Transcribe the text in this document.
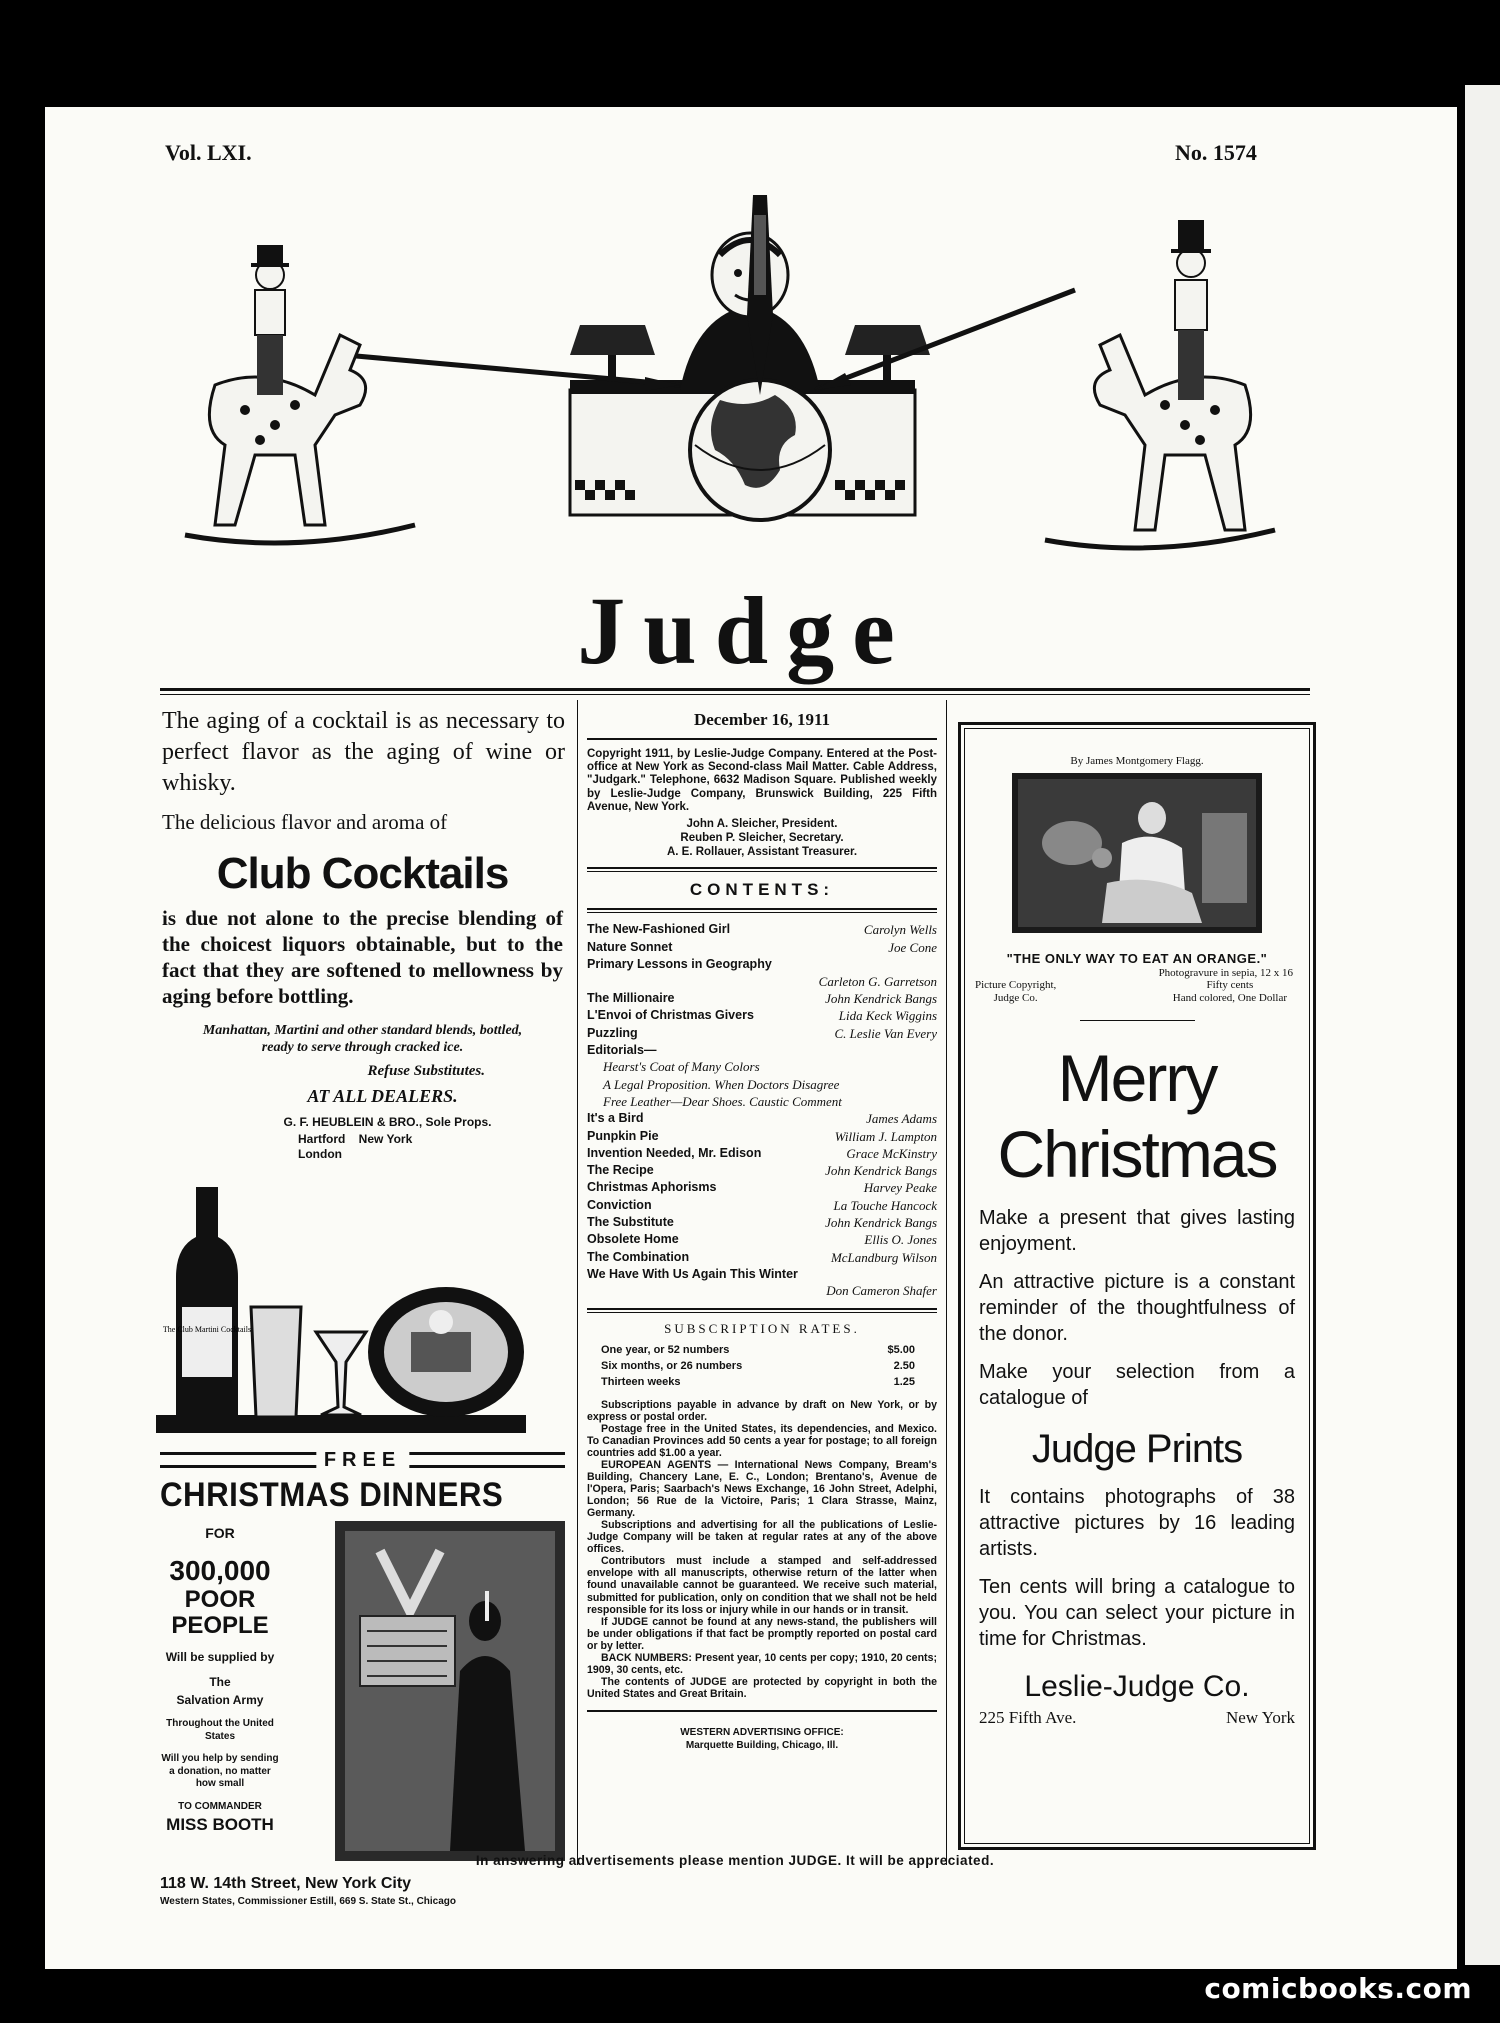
Vol. LXI.	No. 1574
Judge
The aging of a cocktail is as necessary to perfect flavor as the aging of wine or whisky.
The delicious flavor and aroma of
Club Cocktails
is due not alone to the precise blending of the choicest liquors obtainable, but to the fact that they are softened to mellowness by aging before bottling.
Manhattan, Martini and other standard blends, bottled, ready to serve through cracked ice.
Refuse Substitutes.
AT ALL DEALERS.
G. F. HEUBLEIN & BRO., Sole Props.
Hartford    New York
London
The Club Martini Cocktails
FREE
CHRISTMAS DINNERS
FOR
300,000
POOR
PEOPLE
Will be supplied by
The
Salvation Army
Throughout the United States
Will you help by sending a donation, no matter how small
TO COMMANDER
MISS BOOTH
118 W. 14th Street, New York City
Western States, Commissioner Estill, 669 S. State St., Chicago
December 16, 1911
Copyright 1911, by Leslie-Judge Company. Entered at the Post-office at New York as Second-class Mail Matter. Cable Address, "Judgark." Telephone, 6632 Madison Square. Published weekly by Leslie-Judge Company, Brunswick Building, 225 Fifth Avenue, New York.
John A. Sleicher, President.
Reuben P. Sleicher, Secretary.
A. E. Rollauer, Assistant Treasurer.
CONTENTS:
The New-Fashioned Girl	Carolyn Wells
Nature Sonnet	Joe Cone
Primary Lessons in Geography
Carleton G. Garretson
The Millionaire	John Kendrick Bangs
L'Envoi of Christmas Givers	Lida Keck Wiggins
Puzzling	C. Leslie Van Every
Editorials—
Hearst's Coat of Many Colors
A Legal Proposition. When Doctors Disagree
Free Leather—Dear Shoes. Caustic Comment
It's a Bird	James Adams
Punpkin Pie	William J. Lampton
Invention Needed, Mr. Edison	Grace McKinstry
The Recipe	John Kendrick Bangs
Christmas Aphorisms	Harvey Peake
Conviction	La Touche Hancock
The Substitute	John Kendrick Bangs
Obsolete Home	Ellis O. Jones
The Combination	McLandburg Wilson
We Have With Us Again This Winter
Don Cameron Shafer
SUBSCRIPTION RATES.
One year, or 52 numbers	$5.00
Six months, or 26 numbers	2.50
Thirteen weeks	1.25

Subscriptions payable in advance by draft on New York, or by express or postal order.

Postage free in the United States, its dependencies, and Mexico. To Canadian Provinces add 50 cents a year for postage; to all foreign countries add $1.00 a year.

EUROPEAN AGENTS — International News Company, Bream's Building, Chancery Lane, E. C., London; Brentano's, Avenue de l'Opera, Paris; Saarbach's News Exchange, 16 John Street, Adelphi, London; 56 Rue de la Victoire, Paris; 1 Clara Strasse, Mainz, Germany.

Subscriptions and advertising for all the publications of Leslie-Judge Company will be taken at regular rates at any of the above offices.

Contributors must include a stamped and self-addressed envelope with all manuscripts, otherwise return of the latter when found unavailable cannot be guaranteed. We receive such material, submitted for publication, only on condition that we shall not be held responsible for its loss or injury while in our hands or in transit.

If JUDGE cannot be found at any news-stand, the publishers will be under obligations if that fact be promptly reported on postal card or by letter.

BACK NUMBERS: Present year, 10 cents per copy; 1910, 20 cents; 1909, 30 cents, etc.

The contents of JUDGE are protected by copyright in both the United States and Great Britain.

WESTERN ADVERTISING OFFICE:
Marquette Building, Chicago, Ill.
By James Montgomery Flagg.
"THE ONLY WAY TO EAT AN ORANGE."
Photogravure in sepia, 12 x 16
Picture Copyright,
Judge Co.
Fifty cents
Hand colored, One Dollar
Merry
Christmas
Make a present that gives lasting enjoyment.
An attractive picture is a constant reminder of the thoughtfulness of the donor.
Make your selection from a catalogue of
Judge Prints
It contains photographs of 38 attractive pictures by 16 leading artists.
Ten cents will bring a catalogue to you. You can select your picture in time for Christmas.
Leslie-Judge Co.
225 Fifth Ave.	New York
In answering advertisements please mention JUDGE. It will be appreciated.
comicbooks.com
